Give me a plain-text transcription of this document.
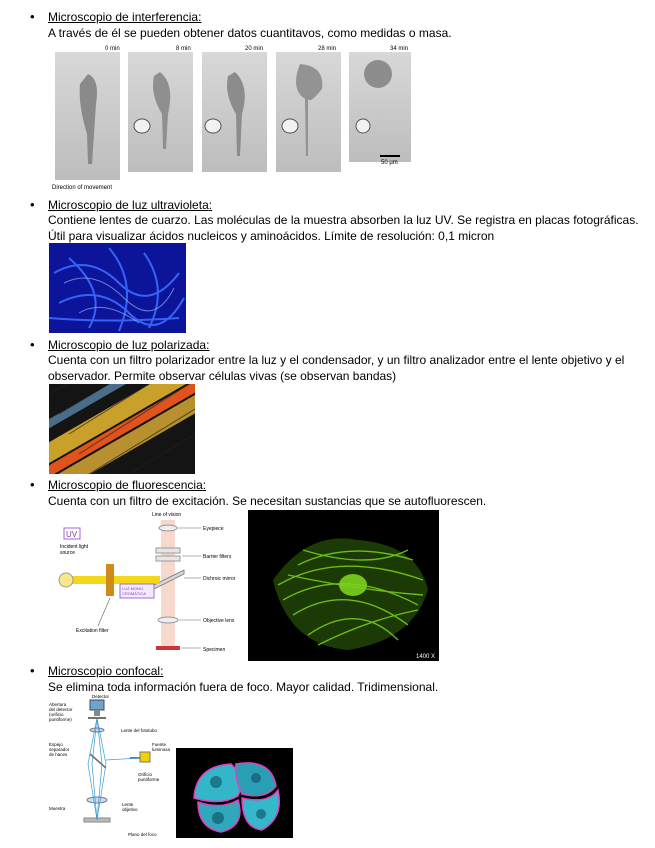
• Microscopio de interferencia:
A través de él se pueden obtener datos cuantitavos, como medidas o masa.
0 min	8 min	20 min	28 min	34 min
50 µm
Direction of movement
• Microscopio de luz ultravioleta:
Contiene lentes de cuarzo. Las moléculas de la muestra absorben la luz UV. Se registra en placas fotográficas.
Útil para visualizar ácidos nucleicos y aminoácidos. Límite de resolución: 0,1 micron
• Microscopio de luz polarizada:
Cuenta con un filtro polarizador entre la luz y el condensador, y un filtro analizador entre el lente objetivo y el
observador. Permite observar células vivas (se observan bandas)
• Microscopio de fluorescencia:
Cuenta con un filtro de excitación. Se necesitan sustancias que se autofluorescen.
UV
Incident light
source
Line of vision
Eyepiece
Barrier filters
Dichroic mirror
Objective lens
Specimen
Excitation filter
LUZ MONO-
CROMÁTICA
1400 X
• Microscopio confocal:
Se elimina toda información fuera de foco. Mayor calidad. Tridimensional.
Detector
Abertura
del detector
(orificio
puntiforme)
Lente del fototubo
Fuente
luminosa
Espejo
separador
de haces
Orificio
puntiforme
Muestra
Lente
objetivo
Plano del foco
